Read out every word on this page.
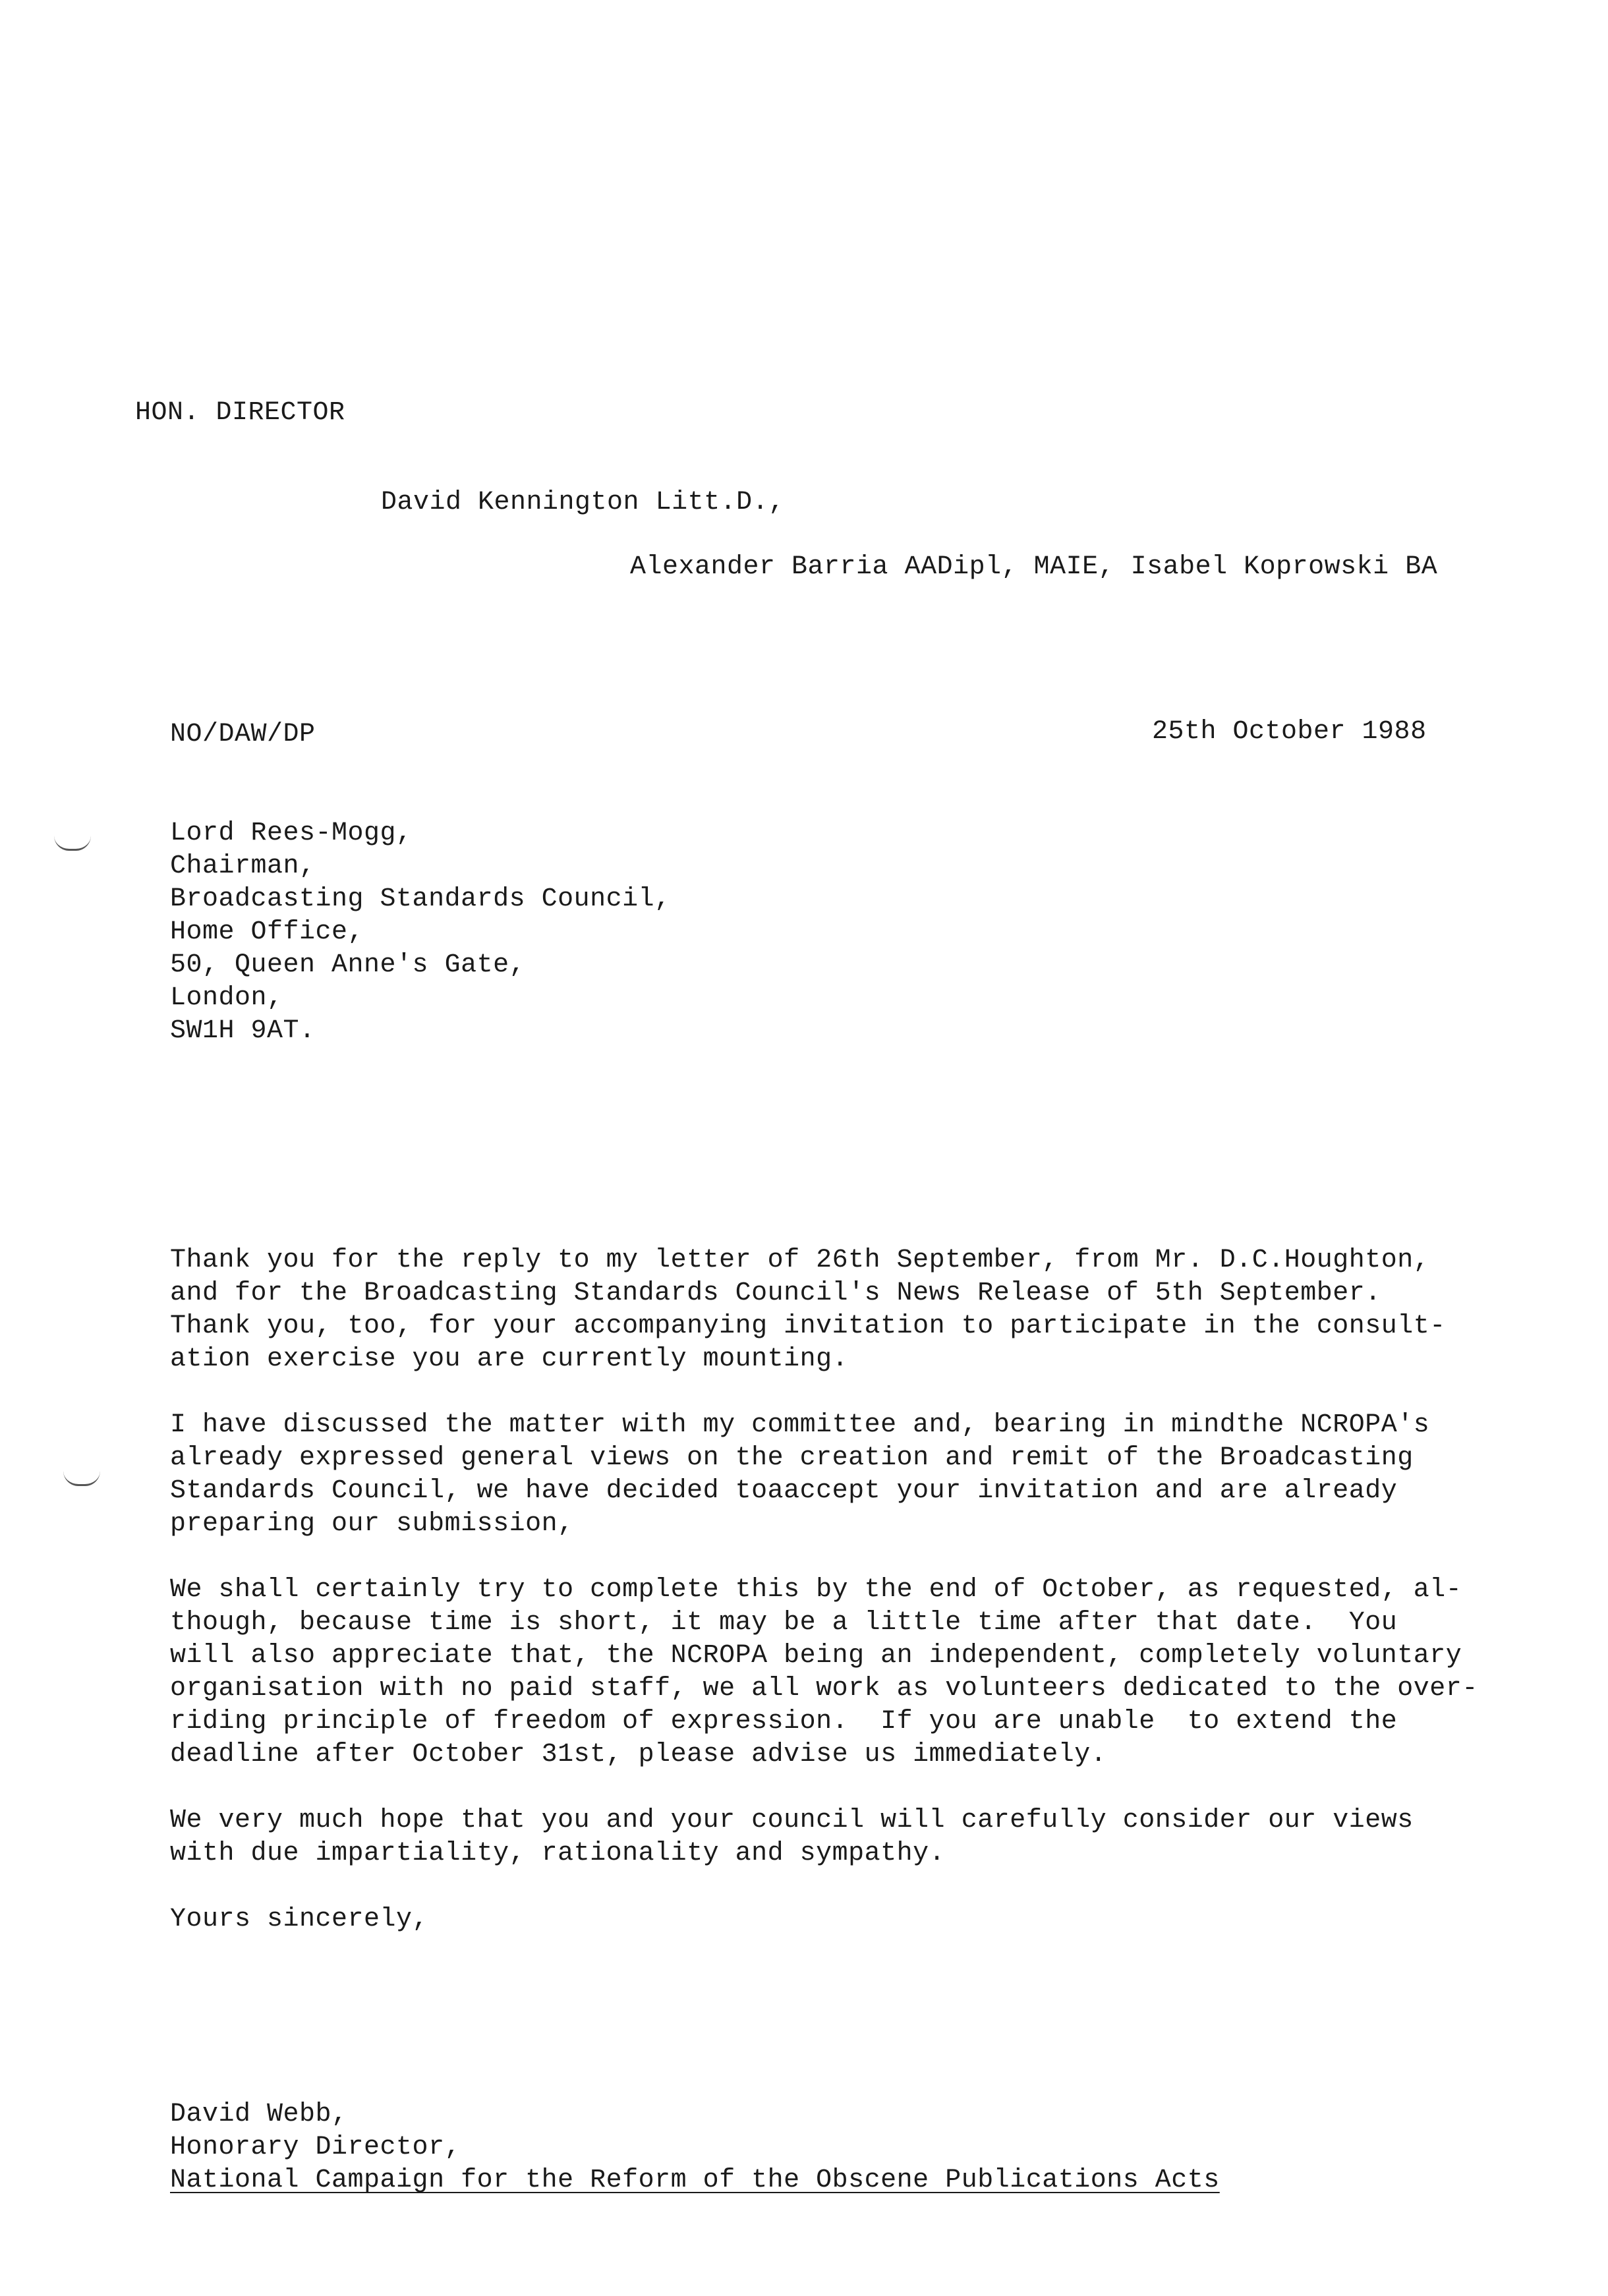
HON. DIRECTOR
David Kennington Litt.D.,
Alexander Barria AADipl, MAIE, Isabel Koprowski BA
NO/DAW/DP	25th October 1988
Lord Rees-Mogg,
Chairman,
Broadcasting Standards Council,
Home Office,
50, Queen Anne's Gate,
London,
SW1H 9AT.
Thank you for the reply to my letter of 26th September, from Mr. D.C.Houghton,
and for the Broadcasting Standards Council's News Release of 5th September.
Thank you, too, for your accompanying invitation to participate in the consult-
ation exercise you are currently mounting.
I have discussed the matter with my committee and, bearing in mindthe NCROPA's
already expressed general views on the creation and remit of the Broadcasting
Standards Council, we have decided toaaccept your invitation and are already
preparing our submission,
We shall certainly try to complete this by the end of October, as requested, al-
though, because time is short, it may be a little time after that date.  You
will also appreciate that, the NCROPA being an independent, completely voluntary
organisation with no paid staff, we all work as volunteers dedicated to the over-
riding principle of freedom of expression.  If you are unable  to extend the
deadline after October 31st, please advise us immediately.
We very much hope that you and your council will carefully consider our views
with due impartiality, rationality and sympathy.
Yours sincerely,
David Webb,
Honorary Director,
National Campaign for the Reform of the Obscene Publications Acts
